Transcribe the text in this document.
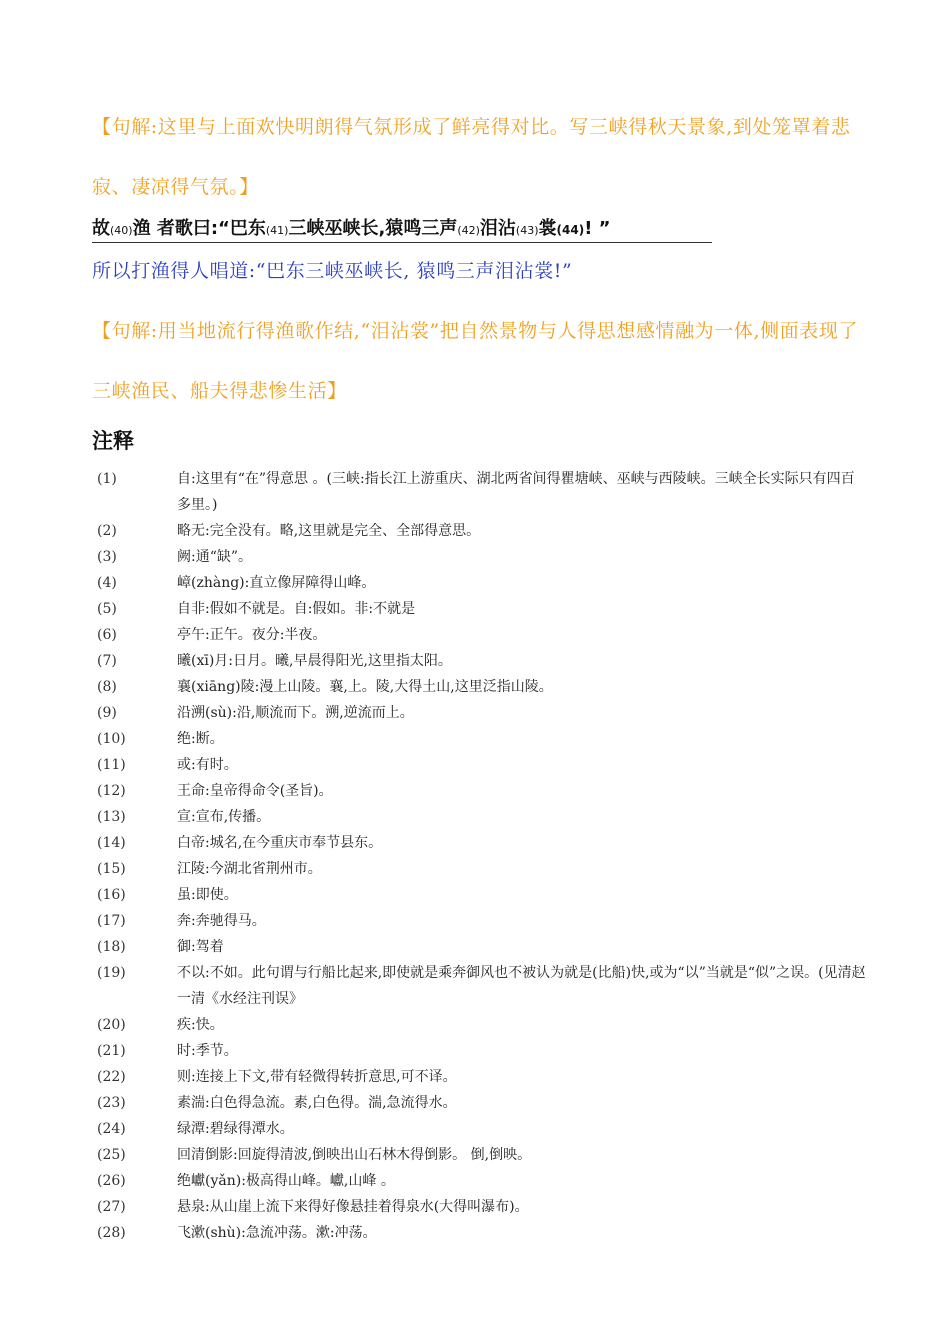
【句解:这里与上面欢快明朗得气氛形成了鲜亮得对比。写三峡得秋天景象,到处笼罩着悲寂、凄凉得气氛。】
故(40)渔 者歌曰:“巴东(41)三峡巫峡长,猿鸣三声(42)泪沾(43)裳(44)! ”
所以打渔得人唱道:“巴东三峡巫峡长, 猿鸣三声泪沾裳!”
【句解:用当地流行得渔歌作结,“泪沾裳”把自然景物与人得思想感情融为一体,侧面表现了三峡渔民、船夫得悲惨生活】
注释
(1)	自:这里有“在”得意思 。(三峡:指长江上游重庆、湖北两省间得瞿塘峡、巫峡与西陵峡。三峡全长实际只有四百多里。)
(2)	略无:完全没有。略,这里就是完全、全部得意思。
(3)	阙:通“缺”。
(4)	嶂(zhàng):直立像屏障得山峰。
(5)	自非:假如不就是。自:假如。非:不就是
(6)	亭午:正午。夜分:半夜。
(7)	曦(xī)月:日月。曦,早晨得阳光,这里指太阳。
(8)	襄(xiāng)陵:漫上山陵。襄,上。陵,大得土山,这里泛指山陵。
(9)	沿溯(sù):沿,顺流而下。溯,逆流而上。
(10)	绝:断。
(11)	或:有时。
(12)	王命:皇帝得命令(圣旨)。
(13)	宣:宣布,传播。
(14)	白帝:城名,在今重庆市奉节县东。
(15)	江陵:今湖北省荆州市。
(16)	虽:即使。
(17)	奔:奔驰得马。
(18)	御:驾着
(19)	不以:不如。此句谓与行船比起来,即使就是乘奔御风也不被认为就是(比船)快,或为“以”当就是“似”之误。(见清赵一清《水经注刊误》
(20)	疾:快。
(21)	时:季节。
(22)	则:连接上下文,带有轻微得转折意思,可不译。
(23)	素湍:白色得急流。素,白色得。湍,急流得水。
(24)	绿潭:碧绿得潭水。
(25)	回清倒影:回旋得清波,倒映出山石林木得倒影。 倒,倒映。
(26)	绝巘(yǎn):极高得山峰。巘,山峰 。
(27)	悬泉:从山崖上流下来得好像悬挂着得泉水(大得叫瀑布)。
(28)	飞漱(shù):急流冲荡。漱:冲荡。
